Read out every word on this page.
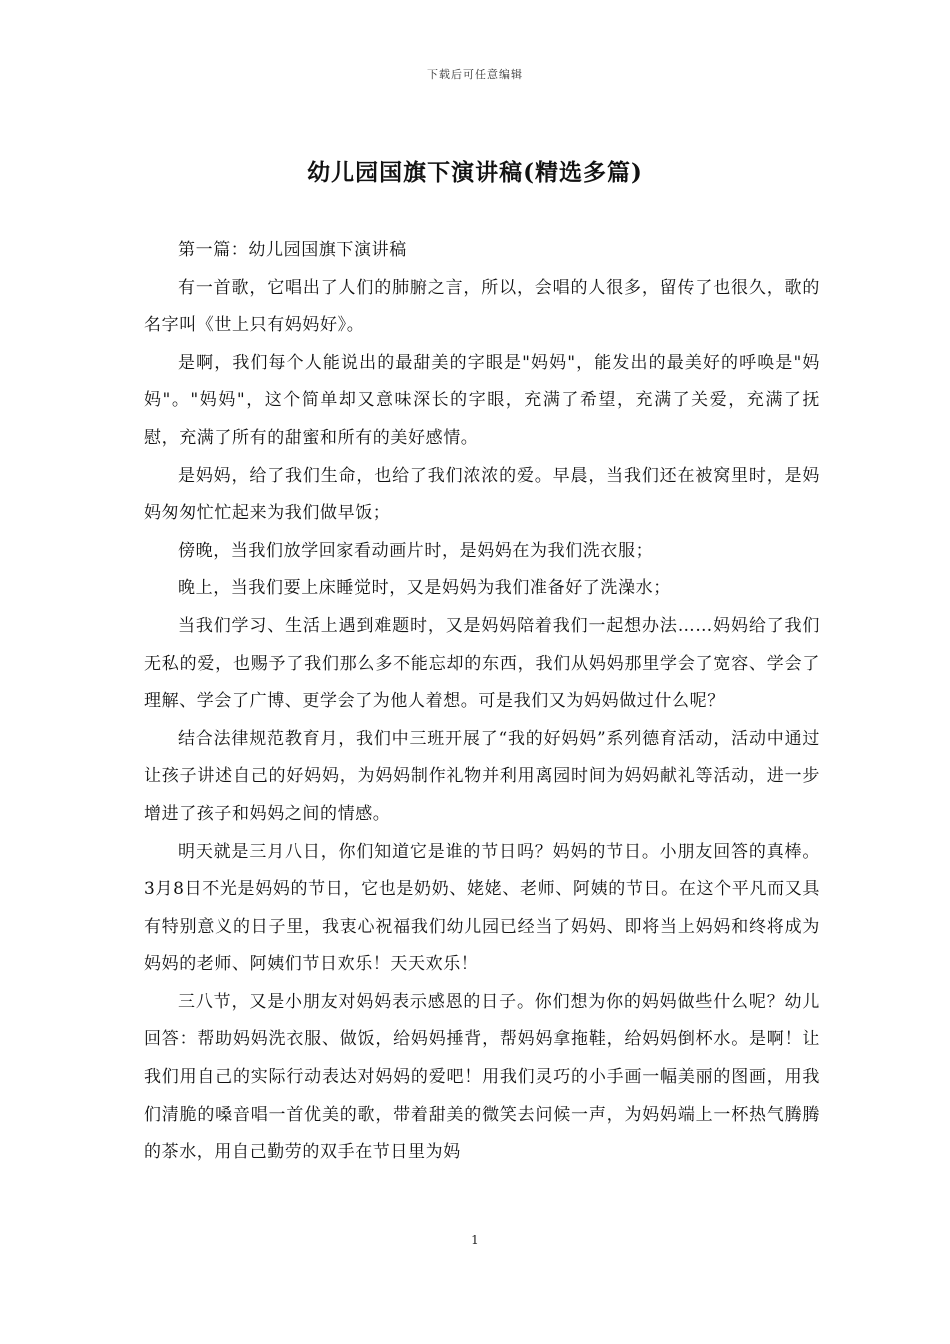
下载后可任意编辑
幼儿园国旗下演讲稿(精选多篇)

第一篇：幼儿园国旗下演讲稿

有一首歌，它唱出了人们的肺腑之言，所以，会唱的人很多，留传了也很久，歌的名字叫《世上只有妈妈好》。

是啊，我们每个人能说出的最甜美的字眼是"妈妈"，能发出的最美好的呼唤是"妈妈"。"妈妈"，这个简单却又意味深长的字眼，充满了希望，充满了关爱，充满了抚慰，充满了所有的甜蜜和所有的美好感情。

是妈妈，给了我们生命，也给了我们浓浓的爱。早晨，当我们还在被窝里时，是妈妈匆匆忙忙起来为我们做早饭；

傍晚，当我们放学回家看动画片时，是妈妈在为我们洗衣服；

晚上，当我们要上床睡觉时，又是妈妈为我们准备好了洗澡水；

当我们学习、生活上遇到难题时，又是妈妈陪着我们一起想办法……妈妈给了我们无私的爱，也赐予了我们那么多不能忘却的东西，我们从妈妈那里学会了宽容、学会了理解、学会了广博、更学会了为他人着想。可是我们又为妈妈做过什么呢？

结合法律规范教育月，我们中三班开展了“我的好妈妈”系列德育活动，活动中通过让孩子讲述自己的好妈妈，为妈妈制作礼物并利用离园时间为妈妈献礼等活动，进一步增进了孩子和妈妈之间的情感。

明天就是三月八日，你们知道它是谁的节日吗？妈妈的节日。小朋友回答的真棒。3月8日不光是妈妈的节日，它也是奶奶、姥姥、老师、阿姨的节日。在这个平凡而又具有特别意义的日子里，我衷心祝福我们幼儿园已经当了妈妈、即将当上妈妈和终将成为妈妈的老师、阿姨们节日欢乐！天天欢乐！

三八节，又是小朋友对妈妈表示感恩的日子。你们想为你的妈妈做些什么呢？幼儿回答：帮助妈妈洗衣服、做饭，给妈妈捶背，帮妈妈拿拖鞋，给妈妈倒杯水。是啊！让我们用自己的实际行动表达对妈妈的爱吧！用我们灵巧的小手画一幅美丽的图画，用我们清脆的嗓音唱一首优美的歌，带着甜美的微笑去问候一声，为妈妈端上一杯热气腾腾的茶水，用自己勤劳的双手在节日里为妈

1
